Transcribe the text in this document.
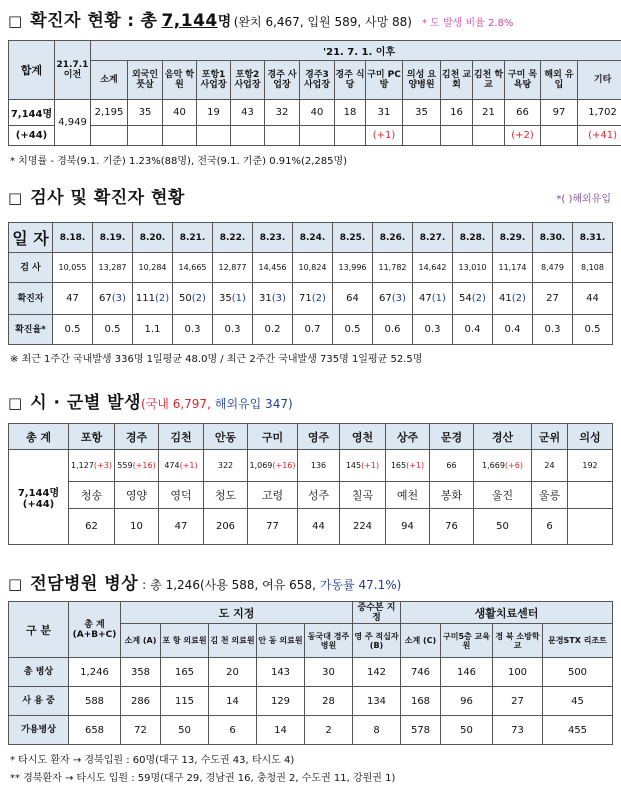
□ 확진자 현황 : 총 7,144 명 (완치 6,467, 입원 589, 사망 88) * 도 발생 비율 2.8%
합계	21.7.1 이전	'21. 7. 1. 이후														
		소계	외국인 풋살	음악 학원	포항1 사업장	포항2 사업장	경주 사업장	경주3 사업장	경주 식당	구미 PC방	의성 요양병원	김천 교회	김천 학교	구미 목욕탕	해외 유입	기타
7,144명	4,949	2,195	35	40	19	43	32	40	18	31	35	16	21	66	97	1,702
(+44)										(+1)				(+2)		(+41)
* 치명률 - 경북(9.1. 기준) 1.23%(88명), 전국(9.1. 기준) 0.91%(2,285명)
□ 검사 및 확진자 현황	*( )해외유입
일 자	8.18.	8.19.	8.20.	8.21.	8.22.	8.23.	8.24.	8.25.	8.26.	8.27.	8.28.	8.29.	8.30.	8.31.
검 사	10,055	13,287	10,284	14,665	12,877	14,456	10,824	13,996	11,782	14,642	13,010	11,174	8,479	8,108
확진자	47	67(3)	111(2)	50(2)	35(1)	31(3)	71(2)	64	67(3)	47(1)	54(2)	41(2)	27	44
확진율*	0.5	0.5	1.1	0.3	0.3	0.2	0.7	0.5	0.6	0.3	0.4	0.4	0.3	0.5
※ 최근 1주간 국내발생 336명 1일평균 48.0명 / 최근 2주간 국내발생 735명 1일평균 52.5명
□ 시 · 군별 발생 (국내 6,797, 해외유입 347)
총 계	포항	경주	김천	안동	구미	영주	영천	상주	문경	경산	군위	의성
7,144명
(+44)	1,127(+3)	559(+16)	474(+1)	322	1,069(+16)	136	145(+1)	165(+1)	66	1,669(+6)	24	192
	청송	영양	영덕	청도	고령	성주	칠곡	예천	봉화	울진	울릉	
	62	10	47	206	77	44	224	94	76	50	6	
□ 전담병원 병상 : 총 1,246(사용 588, 여유 658, 가동률 47.1%)
구 분	총 계 (A+B+C)	도 지정					중수본 지 정	생활치료센터			
		소계 (A)	포 항 의료원	김 천 의료원	안 동 의료원	동국대 경주병원	영 주 적십자(B)	소계 (C)	구미5층 교육원	경 북 소방학교	문경STX 리조트
총 병상	1,246	358	165	20	143	30	142	746	146	100	500
사 용 중	588	286	115	14	129	28	134	168	96	27	45
가용병상	658	72	50	6	14	2	8	578	50	73	455
* 타시도 환자 → 경북입원 : 60명(대구 13, 수도권 43, 타시도 4)
** 경북환자 → 타시도 입원 : 59명(대구 29, 경남권 16, 충청권 2, 수도권 11, 강원권 1)
